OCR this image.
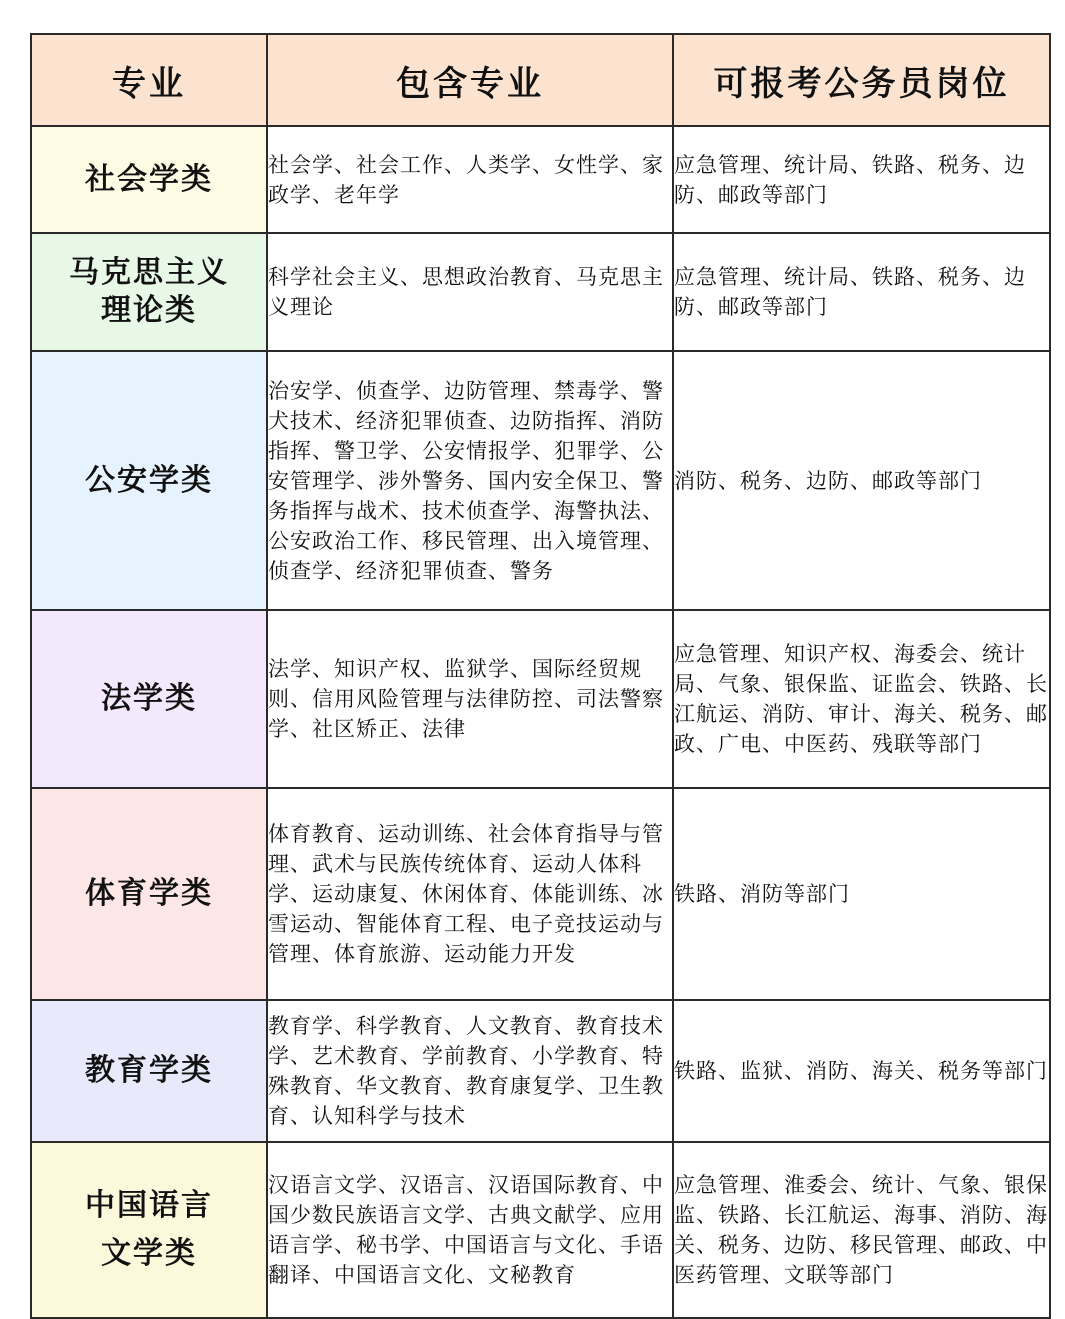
专业	包含专业	可报考公务员岗位
社会学类	社会学、社会工作、人类学、女性学、家政学、老年学	应急管理、统计局、铁路、税务、边防、邮政等部门
马克思主义理论类	科学社会主义、思想政治教育、马克思主义理论	应急管理、统计局、铁路、税务、边防、邮政等部门
公安学类	治安学、侦查学、边防管理、禁毒学、警犬技术、经济犯罪侦查、边防指挥、消防指挥、警卫学、公安情报学、犯罪学、公安管理学、涉外警务、国内安全保卫、警务指挥与战术、技术侦查学、海警执法、公安政治工作、移民管理、出入境管理、侦查学、经济犯罪侦查、警务	消防、税务、边防、邮政等部门
法学类	法学、知识产权、监狱学、国际经贸规则、信用风险管理与法律防控、司法警察学、社区矫正、法律	应急管理、知识产权、海委会、统计局、气象、银保监、证监会、铁路、长江航运、消防、审计、海关、税务、邮政、广电、中医药、残联等部门
体育学类	体育教育、运动训练、社会体育指导与管理、武术与民族传统体育、运动人体科学、运动康复、休闲体育、体能训练、冰雪运动、智能体育工程、电子竞技运动与管理、体育旅游、运动能力开发	铁路、消防等部门
教育学类	教育学、科学教育、人文教育、教育技术学、艺术教育、学前教育、小学教育、特殊教育、华文教育、教育康复学、卫生教育、认知科学与技术	铁路、监狱、消防、海关、税务等部门
中国语言文学类	汉语言文学、汉语言、汉语国际教育、中国少数民族语言文学、古典文献学、应用语言学、秘书学、中国语言与文化、手语翻译、中国语言文化、文秘教育	应急管理、淮委会、统计、气象、银保监、铁路、长江航运、海事、消防、海关、税务、边防、移民管理、邮政、中医药管理、文联等部门
